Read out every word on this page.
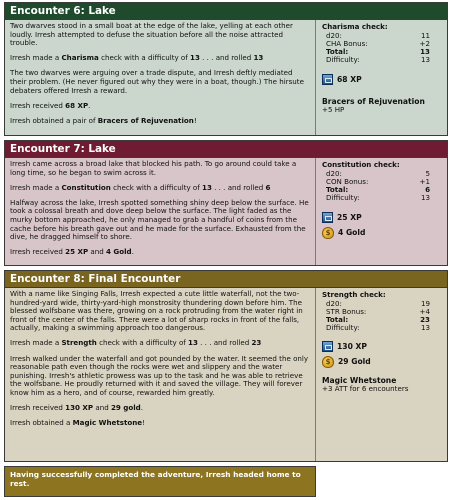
Encounter 6: Lake

Two dwarves stood in a small boat at the edge of the lake, yelling at each other loudly. Irresh attempted to defuse the situation before all the noise attracted trouble.

Irresh made a Charisma check with a difficulty of 13 . . . and rolled 13

The two dwarves were arguing over a trade dispute, and Irresh deftly mediated their problem. (He never figured out why they were in a boat, though.) The hirsute debaters offered Irresh a reward.

Irresh received 68 XP.

Irresh obtained a pair of Bracers of Rejuvenation!

Charisma check:
d20:	11
CHA Bonus:	+2
Total:	13
Difficulty:	13
68
XP
Bracers of Rejuvenation
+5 HP
Encounter 7: Lake

Irresh came across a broad lake that blocked his path. To go around could take a long time, so he began to swim across it.

Irresh made a Constitution check with a difficulty of 13 . . . and rolled 6

Halfway across the lake, Irresh spotted something shiny deep below the surface. He took a colossal breath and dove deep below the surface. The light faded as the murky bottom approached, he only managed to grab a handful of coins from the cache before his breath gave out and he made for the surface. Exhausted from the dive, he dragged himself to shore.

Irresh received 25 XP and 4 Gold.

Constitution check:
d20:	5
CON Bonus:	+1
Total:	6
Difficulty:	13
25
XP
$ 4
Gold
Encounter 8: Final Encounter

With a name like Singing Falls, Irresh expected a cute little waterfall, not the two-hundred-yard wide, thirty-yard-high monstrosity thundering down before him. The blessed wolfsbane was there, growing on a rock protruding from the water right in front of the center of the falls. There were a lot of sharp rocks in front of the falls, actually, making a swimming approach too dangerous.

Irresh made a Strength check with a difficulty of 13 . . . and rolled 23

Irresh walked under the waterfall and got pounded by the water. It seemed the only reasonable path even though the rocks were wet and slippery and the water punishing. Irresh's athletic prowess was up to the task and he was able to retrieve the wolfsbane. He proudly returned with it and saved the village. They will forever know him as a hero, and of course, rewarded him greatly.

Irresh received 130 XP and 29 gold.

Irresh obtained a Magic Whetstone!

Strength check:
d20:	19
STR Bonus:	+4
Total:	23
Difficulty:	13
130
XP
$ 29
Gold
Magic Whetstone
+3 ATT for 6 encounters
Having successfully completed the adventure, Irresh headed home to rest.
